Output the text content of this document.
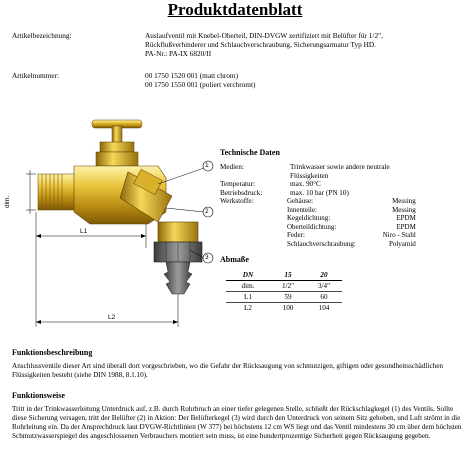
Produktdatenblatt
Artikelbezeichnung:	Auslaufventil mit Knebel-Oberteil, DIN-DVGW zertifiziert mit Belüfter für 1/2",
Rückflußverhinderer und Schlauchverschraubung, Sicherungsarmatur Typ HD.
PA-Nr.: PA-IX 6820/II
Artikelnummer:	00 1750 1520 001 (matt chrom)
00 1750 1550 001 (poliert verchromt)
1
2
3
L1
L2
dim.
Technische Daten
Medien:	Trinkwasser sowie andere neutrale
Flüssigkeiten

Temperatur:	max. 90°C
Betriebsdruck:	max. 10 bar (PN 10)
Werkstoffe:		Gehäuse:	Messing
Innenteile:	Messing
Kegeldichtung:	EPDM
Oberteildichtung:	EPDM
Feder:	Niro - Stahl
Schlauchverschraubung:	Polyamid
Abmaße
DN	15	20
dim.	1/2"	3/4"
L1	59	60
L2	100	104
Funktionsbeschreibung
Anschlussventile dieser Art sind überall dort vorgeschrieben, wo die Gefahr der Rücksaugung von schmutzigen, giftigen oder gesundheitsschädlichen Flüssigkeiten besteht (siehe DIN 1988, 8.1.10).
Funktionsweise
Tritt in der Trinkwasserleitung Unterdruck auf, z.B. durch Rohrbruch an einer tiefer gelegenen Stelle, schließt der Rückschlagkegel (1) des Ventils. Sollte diese Sicherung versagen, tritt der Belüfter (2) in Aktion: Der Belüfterkegel (3) wird durch den Unterdruck von seinem Sitz gehoben, und Luft strömt in die Rohrleitung ein. Da der Ansprechdruck laut DVGW-Richtlinien (W 377) bei höchstens 12 cm WS liegt und das Ventil mindestens 30 cm über dem höchsten Schmutzwasserspiegel des angeschlossenen Verbrauchers montiert sein muss, ist eine hundertprozentige Sicherheit gegen Rücksaugung gegeben.
